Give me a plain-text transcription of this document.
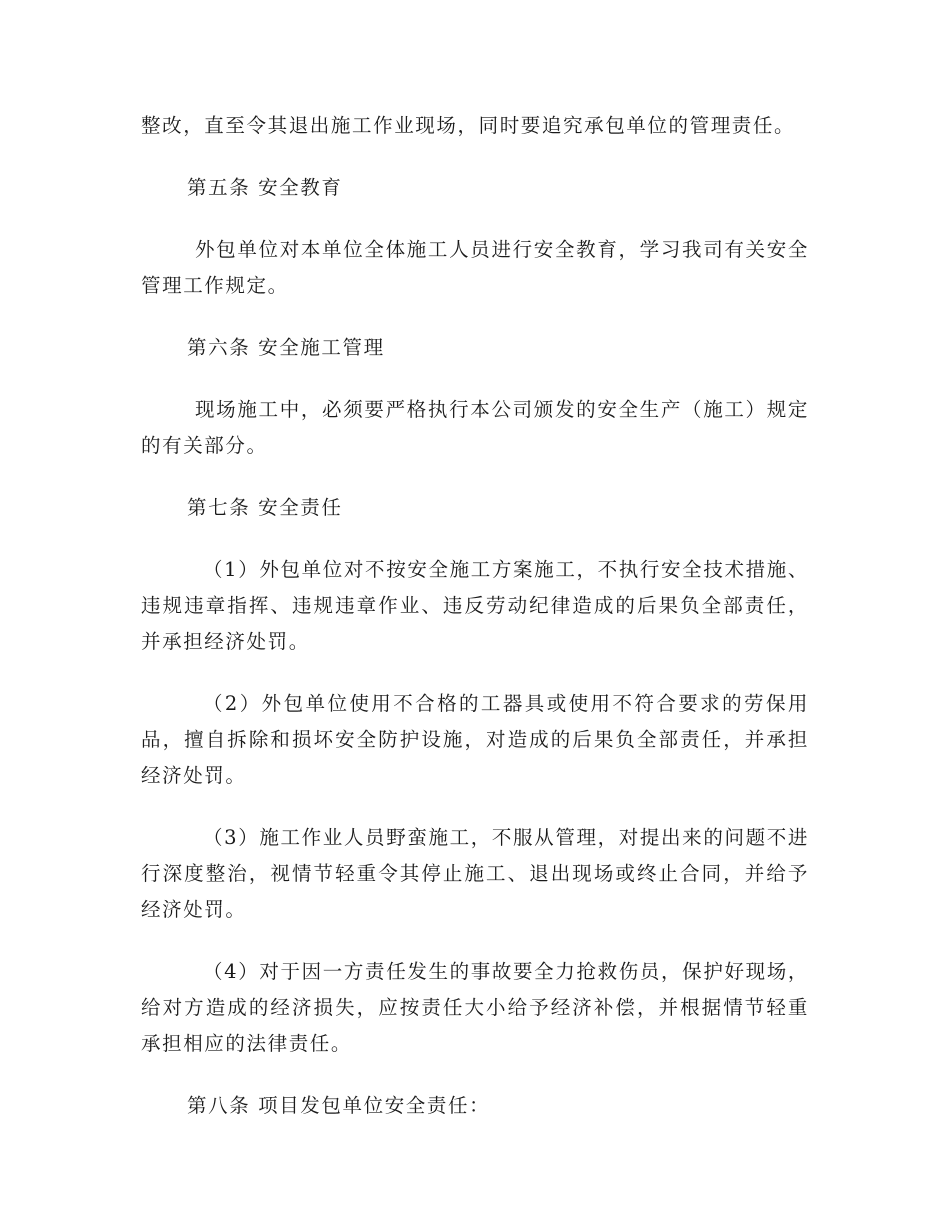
整改，直至令其退出施工作业现场，同时要追究承包单位的管理责任。

第五条 安全教育

外包单位对本单位全体施工人员进行安全教育，学习我司有关安全管理工作规定。

第六条 安全施工管理

现场施工中，必须要严格执行本公司颁发的安全生产（施工）规定的有关部分。

第七条 安全责任

（1）外包单位对不按安全施工方案施工，不执行安全技术措施、违规违章指挥、违规违章作业、违反劳动纪律造成的后果负全部责任，并承担经济处罚。

（2）外包单位使用不合格的工器具或使用不符合要求的劳保用品，擅自拆除和损坏安全防护设施，对造成的后果负全部责任，并承担经济处罚。

（3）施工作业人员野蛮施工，不服从管理，对提出来的问题不进行深度整治，视情节轻重令其停止施工、退出现场或终止合同，并给予经济处罚。

（4）对于因一方责任发生的事故要全力抢救伤员，保护好现场，给对方造成的经济损失，应按责任大小给予经济补偿，并根据情节轻重承担相应的法律责任。

第八条 项目发包单位安全责任：
